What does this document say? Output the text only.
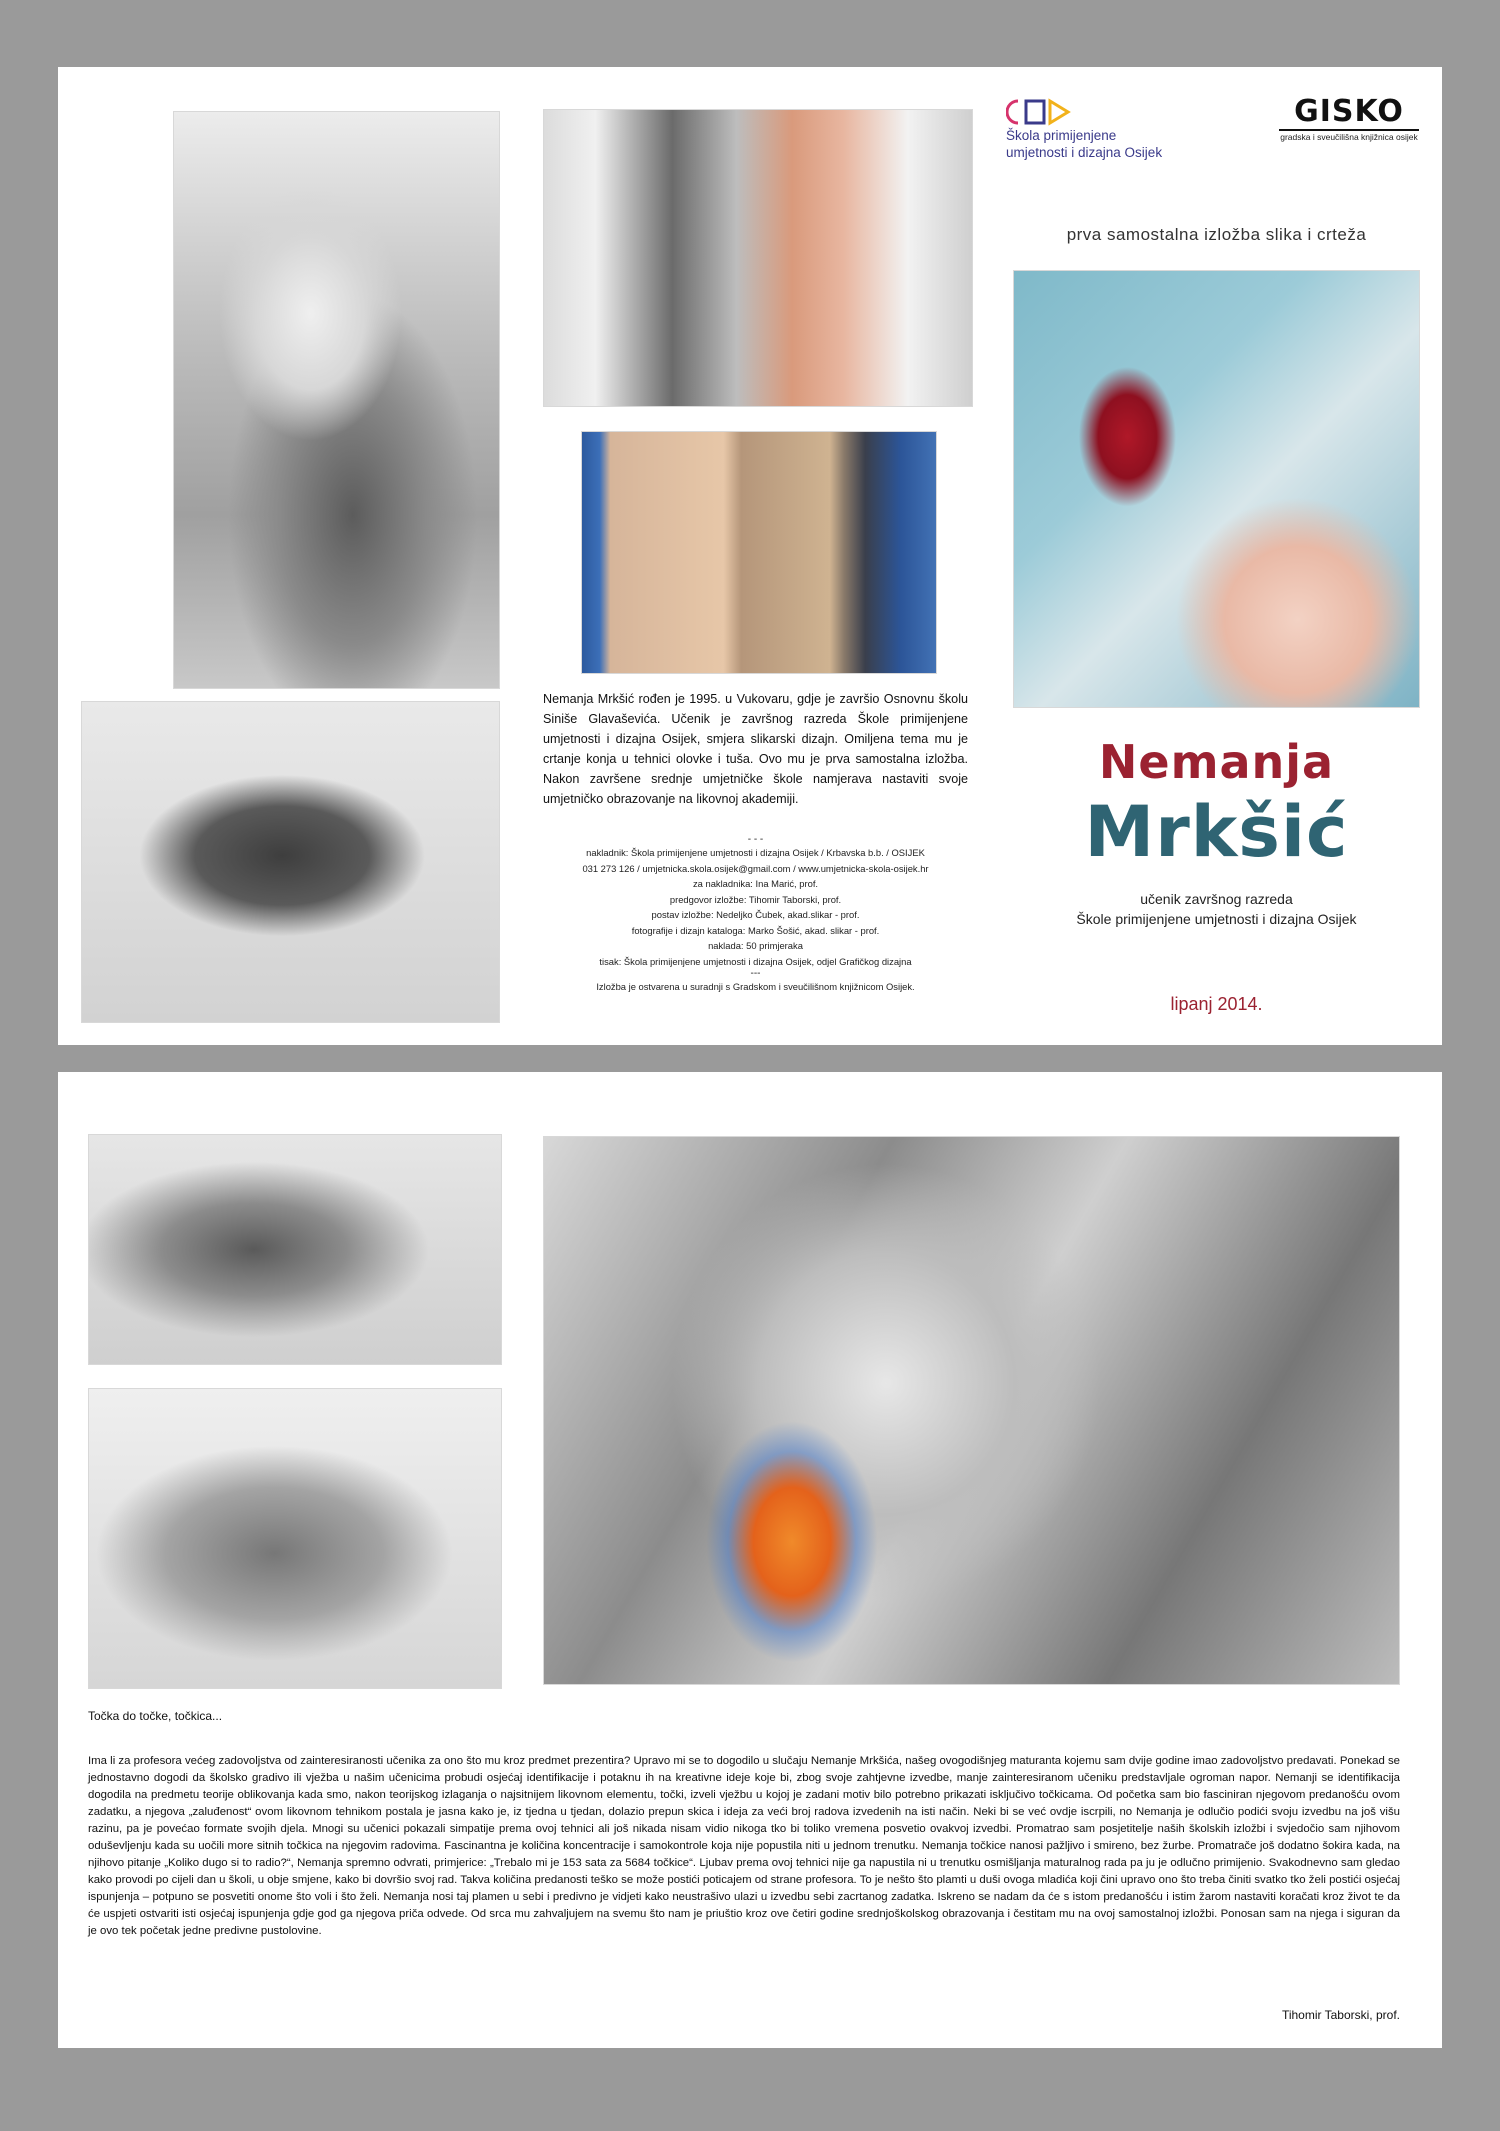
Škola primijenjene
umjetnosti i dizajna Osijek
GISKO
gradska i sveučilišna knjižnica osijek
prva samostalna izložba slika i crteža
Nemanja
Mrkšić
učenik završnog razreda
Škole primijenjene umjetnosti i dizajna Osijek
lipanj 2014.
Nemanja Mrkšić rođen je 1995. u Vukovaru, gdje je završio Osnovnu školu Siniše Glavaševića. Učenik je završnog razreda Škole primijenjene umjetnosti i dizajna Osijek, smjera slikarski dizajn. Omiljena tema mu je crtanje konja u tehnici olovke i tuša. Ovo mu je prva samostalna izložba. Nakon završene srednje umjetničke škole namjerava nastaviti svoje umjetničko obrazovanje na likovnoj akademiji.
- - -
nakladnik: Škola primijenjene umjetnosti i dizajna Osijek / Krbavska b.b. / OSIJEK
031 273 126 / umjetnicka.skola.osijek@gmail.com / www.umjetnicka-skola-osijek.hr
za nakladnika: Ina Marić, prof.
predgovor izložbe: Tihomir Taborski, prof.
postav izložbe: Nedeljko Čubek, akad.slikar - prof.
fotografije i dizajn kataloga: Marko Šošić, akad. slikar - prof.
naklada: 50 primjeraka
tisak: Škola primijenjene umjetnosti i dizajna Osijek, odjel Grafičkog dizajna
---
Izložba je ostvarena u suradnji s Gradskom i sveučilišnom knjižnicom Osijek.
Točka do točke, točkica...
Ima li za profesora većeg zadovoljstva od zainteresiranosti učenika za ono što mu kroz predmet prezentira? Upravo mi se to dogodilo u slučaju Nemanje Mrkšića, našeg ovogodišnjeg maturanta kojemu sam dvije godine imao zadovoljstvo predavati. Ponekad se jednostavno dogodi da školsko gradivo ili vježba u našim učenicima probudi osjećaj identifikacije i potaknu ih na kreativne ideje koje bi, zbog svoje zahtjevne izvedbe, manje zainteresiranom učeniku predstavljale ogroman napor. Nemanji se identifikacija dogodila na predmetu teorije oblikovanja kada smo, nakon teorijskog izlaganja o najsitnijem likovnom elementu, točki, izveli vježbu u kojoj je zadani motiv bilo potrebno prikazati isključivo točkicama. Od početka sam bio fasciniran njegovom predanošću ovom zadatku, a njegova „zaluđenost“ ovom likovnom tehnikom postala je jasna kako je, iz tjedna u tjedan, dolazio prepun skica i ideja za veći broj radova izvedenih na isti način. Neki bi se već ovdje iscrpili, no Nemanja je odlučio podići svoju izvedbu na još višu razinu, pa je povećao formate svojih djela. Mnogi su učenici pokazali simpatije prema ovoj tehnici ali još nikada nisam vidio nikoga tko bi toliko vremena posvetio ovakvoj izvedbi. Promatrao sam posjetitelje naših školskih izložbi i svjedočio sam njihovom oduševljenju kada su uočili more sitnih točkica na njegovim radovima. Fascinantna je količina koncentracije i samokontrole koja nije popustila niti u jednom trenutku. Nemanja točkice nanosi pažljivo i smireno, bez žurbe. Promatrače još dodatno šokira kada, na njihovo pitanje „Koliko dugo si to radio?“, Nemanja spremno odvrati, primjerice: „Trebalo mi je 153 sata za 5684 točkice“. Ljubav prema ovoj tehnici nije ga napustila ni u trenutku osmišljanja maturalnog rada pa ju je odlučno primijenio. Svakodnevno sam gledao kako provodi po cijeli dan u školi, u obje smjene, kako bi dovršio svoj rad. Takva količina predanosti teško se može postići poticajem od strane profesora. To je nešto što plamti u duši ovoga mladića koji čini upravo ono što treba činiti svatko tko želi postići osjećaj ispunjenja – potpuno se posvetiti onome što voli i što želi. Nemanja nosi taj plamen u sebi i predivno je vidjeti kako neustrašivo ulazi u izvedbu sebi zacrtanog zadatka. Iskreno se nadam da će s istom predanošću i istim žarom nastaviti koračati kroz život te da će uspjeti ostvariti isti osjećaj ispunjenja gdje god ga njegova priča odvede. Od srca mu zahvaljujem na svemu što nam je priuštio kroz ove četiri godine srednjoškolskog obrazovanja i čestitam mu na ovoj samostalnoj izložbi. Ponosan sam na njega i siguran da je ovo tek početak jedne predivne pustolovine.
Tihomir Taborski, prof.
